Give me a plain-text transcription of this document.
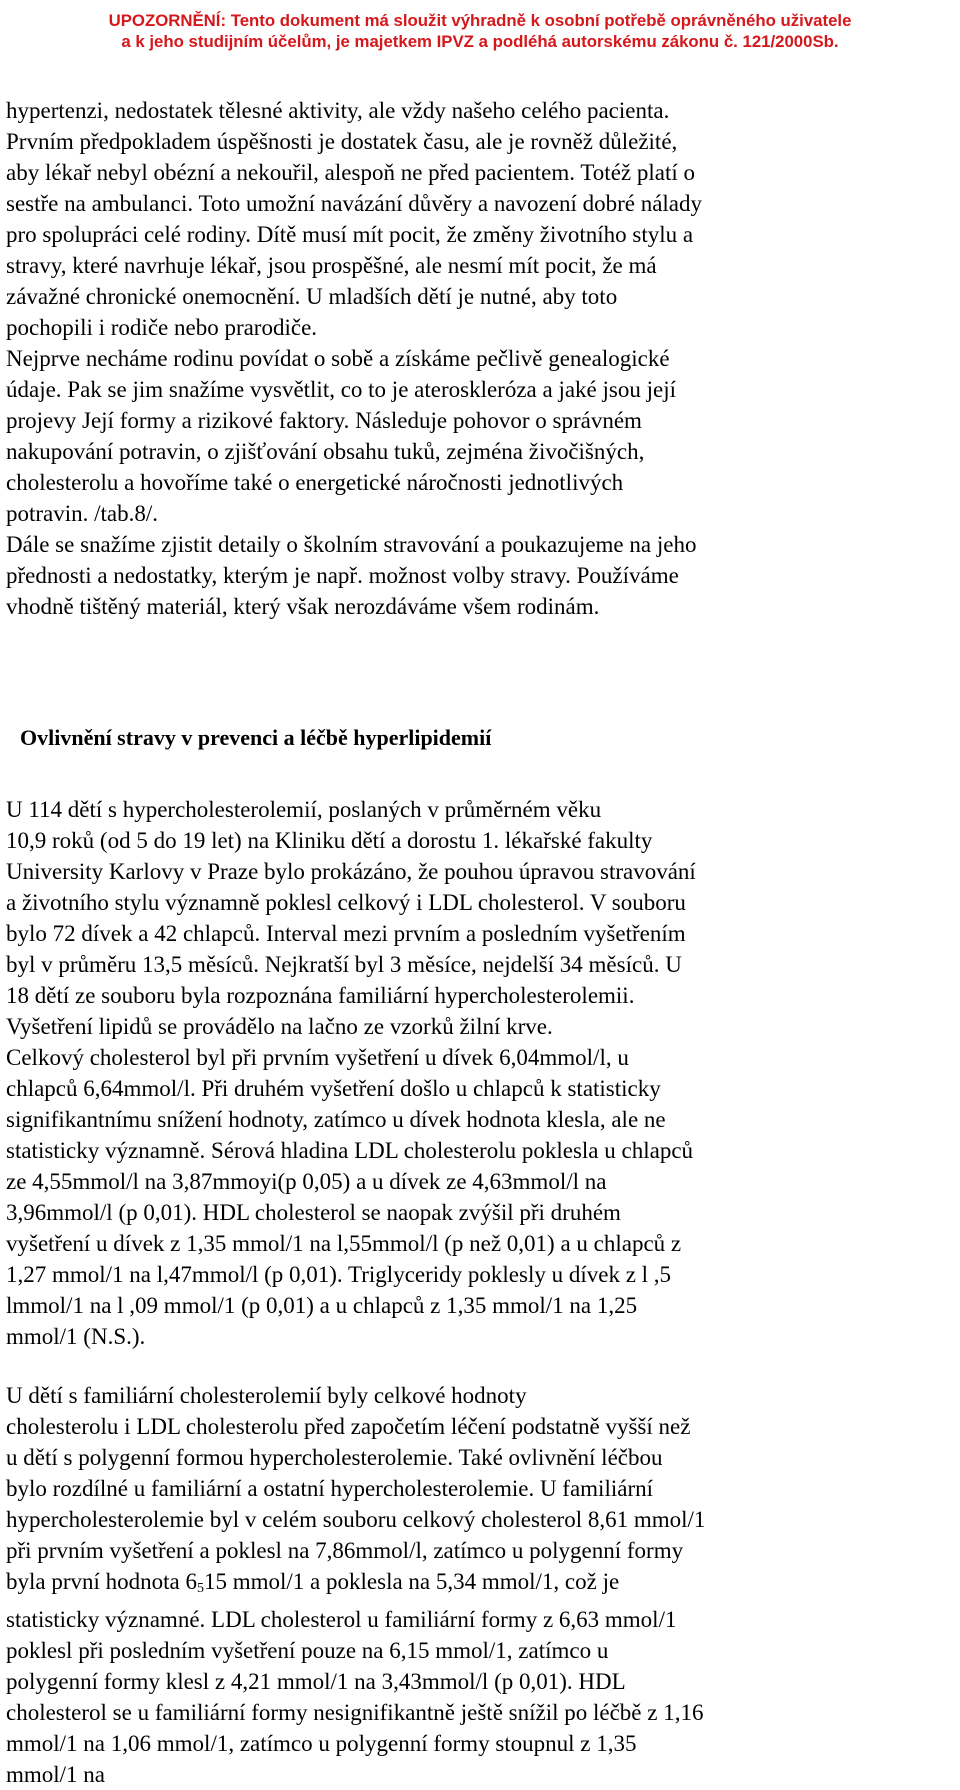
UPOZORNĚNÍ: Tento dokument má sloužit výhradně k osobní potřebě oprávněného uživatele
a k jeho studijním účelům, je majetkem IPVZ a podléhá autorskému zákonu č. 121/2000Sb.
hypertenzi, nedostatek tělesné aktivity, ale vždy našeho celého pacienta.
Prvním předpokladem úspěšnosti je dostatek času, ale je rovněž důležité,
aby lékař nebyl obézní a nekouřil, alespoň ne před pacientem. Totéž platí o
sestře na ambulanci. Toto umožní navázání důvěry a navození dobré nálady
pro spolupráci celé rodiny. Dítě musí mít pocit, že změny životního stylu a
stravy, které navrhuje lékař, jsou prospěšné, ale nesmí mít pocit, že má
závažné chronické onemocnění. U mladších dětí je nutné, aby toto
pochopili i rodiče nebo prarodiče.
Nejprve necháme rodinu povídat o sobě a získáme pečlivě genealogické
údaje. Pak se jim snažíme vysvětlit, co to je ateroskleróza a jaké jsou její
projevy Její formy a rizikové faktory. Následuje pohovor o správném
nakupování potravin, o zjišťování obsahu tuků, zejména živočišných,
cholesterolu a hovoříme také o energetické náročnosti jednotlivých
potravin. /tab.8/.
Dále se snažíme zjistit detaily o školním stravování a poukazujeme na jeho
přednosti a nedostatky, kterým je např. možnost volby stravy. Používáme
vhodně tištěný materiál, který však nerozdáváme všem rodinám.
Ovlivnění stravy v prevenci a léčbě hyperlipidemií
U 114 dětí s hypercholesterolemií, poslaných v průměrném věku
10,9 roků (od 5 do 19 let) na Kliniku dětí a dorostu 1. lékařské fakulty
University Karlovy v Praze bylo prokázáno, že pouhou úpravou stravování
a životního stylu významně poklesl celkový i LDL cholesterol. V souboru
bylo 72 dívek a 42 chlapců. Interval mezi prvním a posledním vyšetřením
byl v průměru 13,5 měsíců. Nejkratší byl 3 měsíce, nejdelší 34 měsíců. U
18 dětí ze souboru byla rozpoznána familiární hypercholesterolemii.
Vyšetření lipidů se provádělo na lačno ze vzorků žilní krve.
Celkový cholesterol byl při prvním vyšetření u dívek 6,04mmol/l, u
chlapců 6,64mmol/l. Při druhém vyšetření došlo u chlapců k statisticky
signifikantnímu snížení hodnoty, zatímco u dívek hodnota klesla, ale ne
statisticky významně. Sérová hladina LDL cholesterolu poklesla u chlapců
ze 4,55mmol/l na 3,87mmoyi(p 0,05) a u dívek ze 4,63mmol/l na
3,96mmol/l (p 0,01). HDL cholesterol se naopak zvýšil při druhém
vyšetření u dívek z 1,35 mmol/1 na l,55mmol/l (p než 0,01) a u chlapců z
1,27 mmol/1 na l,47mmol/l (p 0,01). Triglyceridy poklesly u dívek z l ,5
lmmol/1 na l ,09 mmol/1 (p 0,01) a u chlapců z 1,35 mmol/1 na 1,25
mmol/1 (N.S.).
U dětí s familiární cholesterolemií byly celkové hodnoty
cholesterolu i LDL cholesterolu před započetím léčení podstatně vyšší než
u dětí s polygenní formou hypercholesterolemie. Také ovlivnění léčbou
bylo rozdílné u familiární a ostatní hypercholesterolemie. U familiární
hypercholesterolemie byl v celém souboru celkový cholesterol 8,61 mmol/1
při prvním vyšetření a poklesl na 7,86mmol/l, zatímco u polygenní formy
byla první hodnota $6_515$ mmol/1 a poklesla na 5,34 mmol/1, což je
statisticky významné. LDL cholesterol u familiární formy z 6,63 mmol/1
poklesl při posledním vyšetření pouze na 6,15 mmol/1, zatímco u
polygenní formy klesl z 4,21 mmol/1 na 3,43mmol/l (p 0,01). HDL
cholesterol se u familiární formy nesignifikantně ještě snížil po léčbě z 1,16
mmol/1 na 1,06 mmol/1, zatímco u polygenní formy stoupnul z 1,35
mmol/1 na
